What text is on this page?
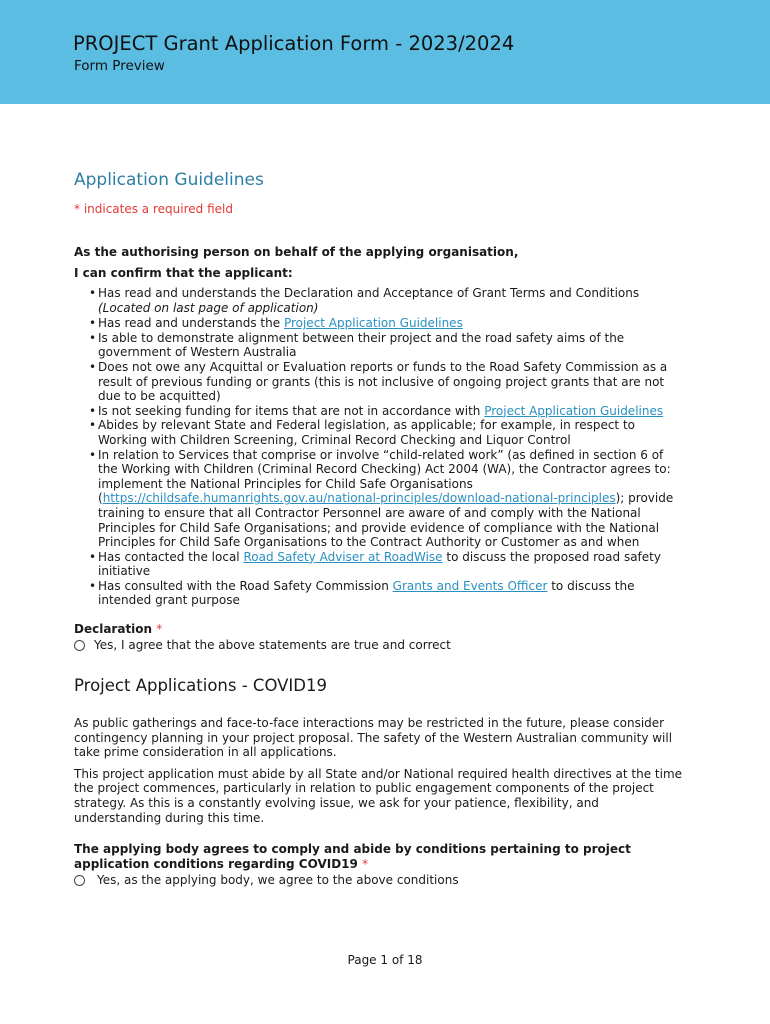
PROJECT Grant Application Form - 2023/2024
Form Preview
Application Guidelines
* indicates a required field
As the authorising person on behalf of the applying organisation,
I can confirm that the applicant:
• Has read and understands the Declaration and Acceptance of Grant Terms and Conditions (Located on last page of application)
• Has read and understands the Project Application Guidelines
• Is able to demonstrate alignment between their project and the road safety aims of the government of Western Australia
• Does not owe any Acquittal or Evaluation reports or funds to the Road Safety Commission as a result of previous funding or grants (this is not inclusive of ongoing project grants that are not due to be acquitted)
• Is not seeking funding for items that are not in accordance with Project Application Guidelines
• Abides by relevant State and Federal legislation, as applicable; for example, in respect to Working with Children Screening, Criminal Record Checking and Liquor Control
• In relation to Services that comprise or involve “child-related work” (as defined in section 6 of the Working with Children (Criminal Record Checking) Act 2004 (WA), the Contractor agrees to: implement the National Principles for Child Safe Organisations (https://childsafe.humanrights.gov.au/national-principles/download-national-principles); provide training to ensure that all Contractor Personnel are aware of and comply with the National Principles for Child Safe Organisations; and provide evidence of compliance with the National Principles for Child Safe Organisations to the Contract Authority or Customer as and when
• Has contacted the local Road Safety Adviser at RoadWise to discuss the proposed road safety initiative
• Has consulted with the Road Safety Commission Grants and Events Officer to discuss the intended grant purpose
Declaration *
Yes, I agree that the above statements are true and correct
Project Applications - COVID19
As public gatherings and face-to-face interactions may be restricted in the future, please consider contingency planning in your project proposal. The safety of the Western Australian community will take prime consideration in all applications.
This project application must abide by all State and/or National required health directives at the time the project commences, particularly in relation to public engagement components of the project strategy. As this is a constantly evolving issue, we ask for your patience, flexibility, and understanding during this time.
The applying body agrees to comply and abide by conditions pertaining to project application conditions regarding COVID19 *
Yes, as the applying body, we agree to the above conditions
Page 1 of 18
